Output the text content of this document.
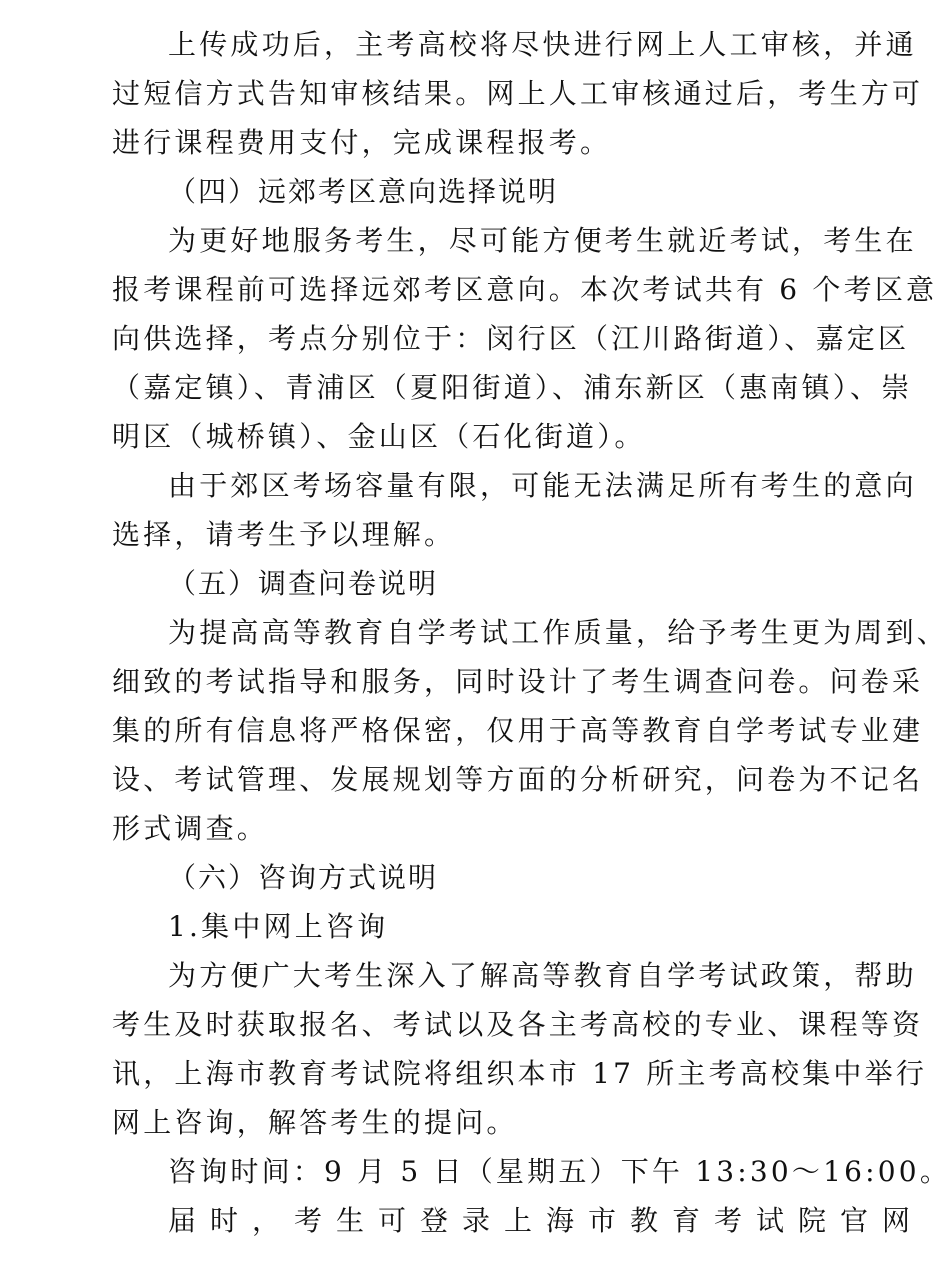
上传成功后，主考高校将尽快进行网上人工审核，并通
过短信方式告知审核结果。网上人工审核通过后，考生方可
进行课程费用支付，完成课程报考。
（四）远郊考区意向选择说明
为更好地服务考生，尽可能方便考生就近考试，考生在
报考课程前可选择远郊考区意向。本次考试共有 6 个考区意
向供选择，考点分别位于：闵行区（江川路街道）、嘉定区
（嘉定镇）、青浦区（夏阳街道）、浦东新区（惠南镇）、崇
明区（城桥镇）、金山区（石化街道）。
由于郊区考场容量有限，可能无法满足所有考生的意向
选择，请考生予以理解。
（五）调查问卷说明
为提高高等教育自学考试工作质量，给予考生更为周到、
细致的考试指导和服务，同时设计了考生调查问卷。问卷采
集的所有信息将严格保密，仅用于高等教育自学考试专业建
设、考试管理、发展规划等方面的分析研究，问卷为不记名
形式调查。
（六）咨询方式说明
1.集中网上咨询
为方便广大考生深入了解高等教育自学考试政策，帮助
考生及时获取报名、考试以及各主考高校的专业、课程等资
讯，上海市教育考试院将组织本市 17 所主考高校集中举行
网上咨询，解答考生的提问。
咨询时间：9 月 5 日（星期五）下午 13:30～16:00。
届时，考生可登录上海市教育考试院官网
